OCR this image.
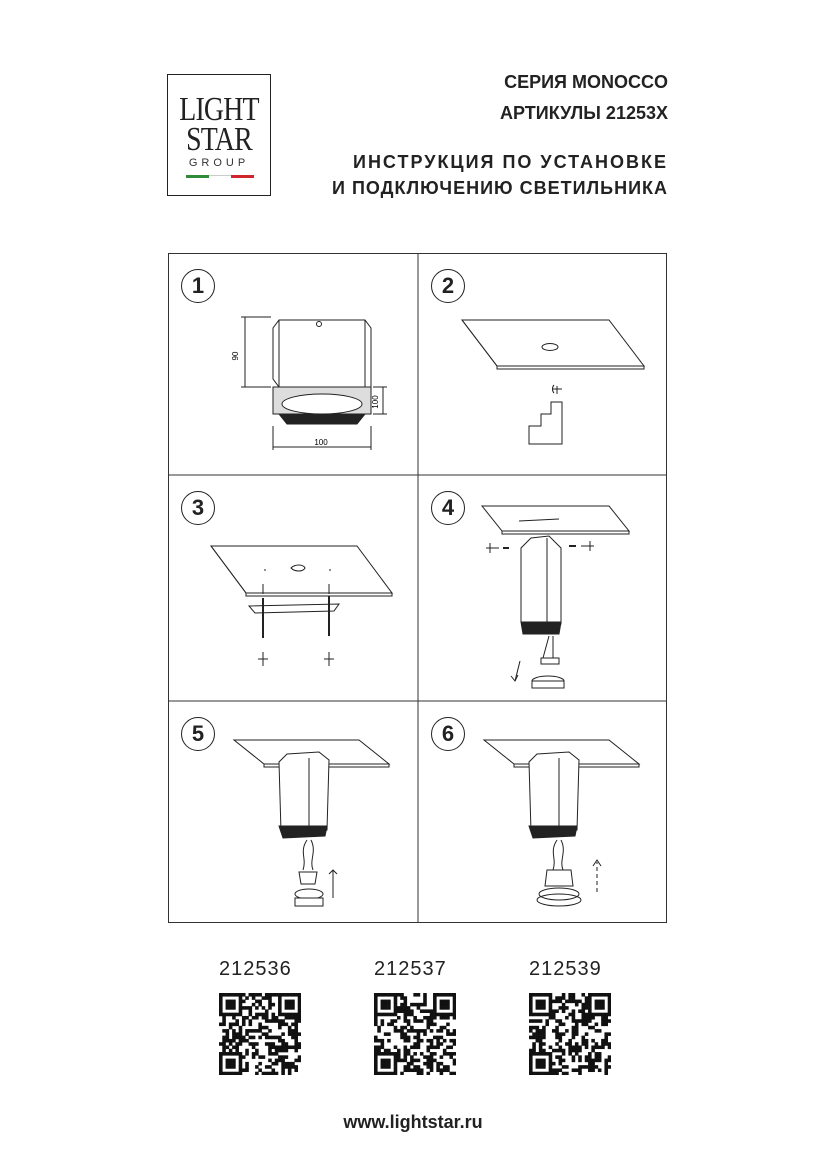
LIGHT
STAR
GROUP
СЕРИЯ MONOCCO
АРТИКУЛЫ 21253X
ИНСТРУКЦИЯ ПО УСТАНОВКЕ
И ПОДКЛЮЧЕНИЮ СВЕТИЛЬНИКА
1
90
100
100
2
3	4
5	6
212536	212537	212539
www.lightstar.ru
